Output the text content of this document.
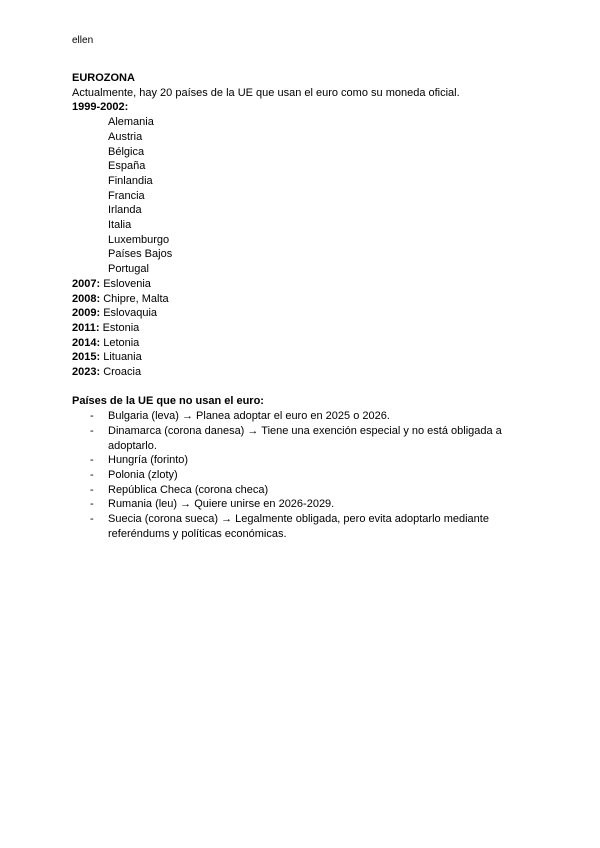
ellen
EUROZONA
Actualmente, hay 20 países de la UE que usan el euro como su moneda oficial.
1999-2002:
Alemania
Austria
Bélgica
España
Finlandia
Francia
Irlanda
Italia
Luxemburgo
Países Bajos
Portugal
2007: Eslovenia
2008: Chipre, Malta
2009: Eslovaquia
2011: Estonia
2014: Letonia
2015: Lituania
2023: Croacia
Países de la UE que no usan el euro:
- Bulgaria (leva) → Planea adoptar el euro en 2025 o 2026.
- Dinamarca (corona danesa) → Tiene una exención especial y no está obligada a adoptarlo.
- Hungría (forinto)
- Polonia (zloty)
- República Checa (corona checa)
- Rumania (leu) → Quiere unirse en 2026-2029.
- Suecia (corona sueca) → Legalmente obligada, pero evita adoptarlo mediante referéndums y políticas económicas.
